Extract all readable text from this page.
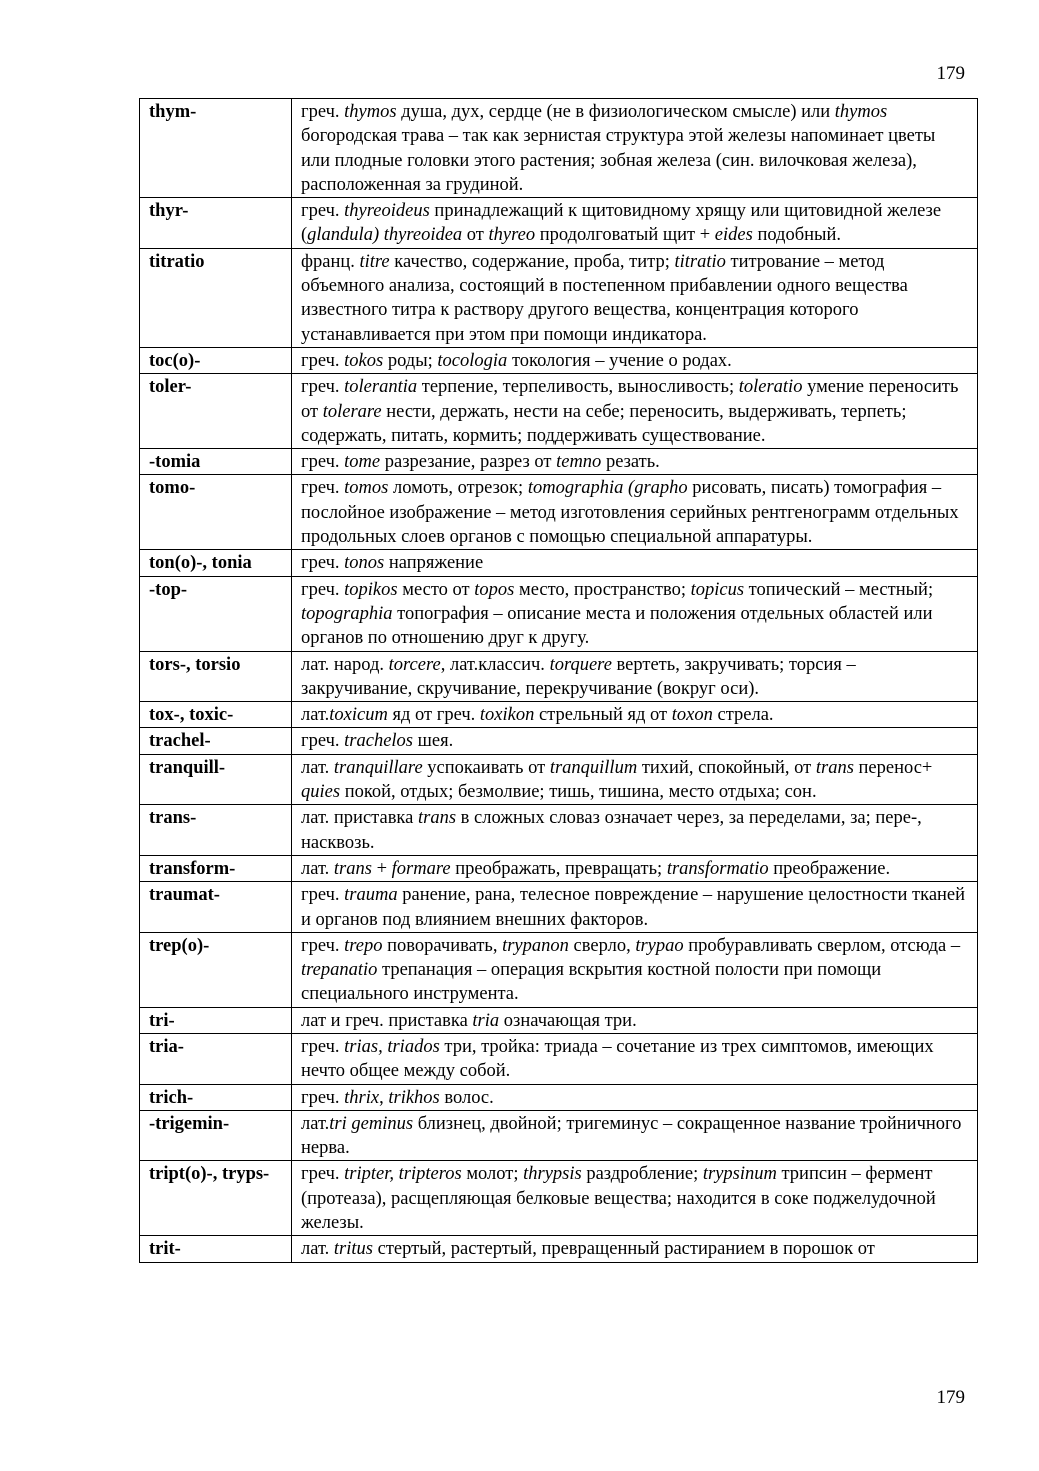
179
thym-	греч. thymos душа, дух, сердце (не в физиологическом смысле) или thymos богородская трава – так как зернистая структура этой железы напоминает цветы или плодные головки этого растения; зобная железа (син. вилочковая железа), расположенная за грудиной.
thyr-	греч. thyreoideus принадлежащий к щитовидному хрящу или щитовидной железе (glandula) thyreoidea от thyreo продолговатый щит + eides подобный.
titratio	франц. titre качество, содержание, проба, титр; titratio титрование – метод объемного анализа, состоящий в постепенном прибавлении одного вещества известного титра к раствору другого вещества, концентрация которого устанавливается при этом при помощи индикатора.
toc(o)-	греч. tokos роды; tocologia токология – учение о родах.
toler-	греч. tolerantia терпение, терпеливость, выносливость; toleratio умение переносить от tolerare нести, держать, нести на себе; переносить, выдерживать, терпеть; содержать, питать, кормить; поддерживать существование.
-tomia	греч. tome разрезание, разрез от temno резать.
tomo-	греч. tomos ломоть, отрезок; tomographia (grapho рисовать, писать) томография – послойное изображение – метод изготовления серийных рентгенограмм отдельных продольных слоев органов с помощью специальной аппаратуры.
ton(o)-, tonia	греч. tonos напряжение
-top-	греч. topikos место от topos место, пространство; topicus топический – местный; topographia топография – описание места и положения отдельных областей или органов по отношению друг к другу.
tors-, torsio	лат. народ. torcere, лат.классич. torquere вертеть, закручивать; торсия – закручивание, скручивание, перекручивание (вокруг оси).
tox-, toxic-	лат.toxicum яд от греч. toxikon стрельный яд от toxon стрела.
trachel-	греч. trachelos шея.
tranquill-	лат. tranquillare успокаивать от tranquillum тихий, спокойный, от trans перенос+ quies покой, отдых; безмолвие; тишь, тишина, место отдыха; сон.
trans-	лат. приставка trans в сложных словаз означает через, за переделами, за; пере-, насквозь.
transform-	лат. trans + formare преображать, превращать; transformatio преображение.
traumat-	греч. trauma ранение, рана, телесное повреждение – нарушение целостности тканей и органов под влиянием внешних факторов.
trep(o)-	греч. trepo поворачивать, trypanon сверло, trypao пробуравливать сверлом, отсюда – trepanatio трепанация – операция вскрытия костной полости при помощи специального инструмента.
tri-	лат и греч. приставка tria означающая три.
tria-	греч. trias, triados три, тройка: триада – сочетание из трех симптомов, имеющих нечто общее между собой.
trich-	греч. thrix, trikhos волос.
-trigemin-	лат.tri geminus близнец, двойной; тригеминус – сокращенное название тройничного нерва.
tript(o)-, tryps-	греч. tripter, tripteros молот; thrypsis раздробление; trypsinum трипсин – фермент (протеаза), расщепляющая белковые вещества; находится в соке поджелудочной железы.
trit-	лат. tritus стертый, растертый, превращенный растиранием в порошок от
179
